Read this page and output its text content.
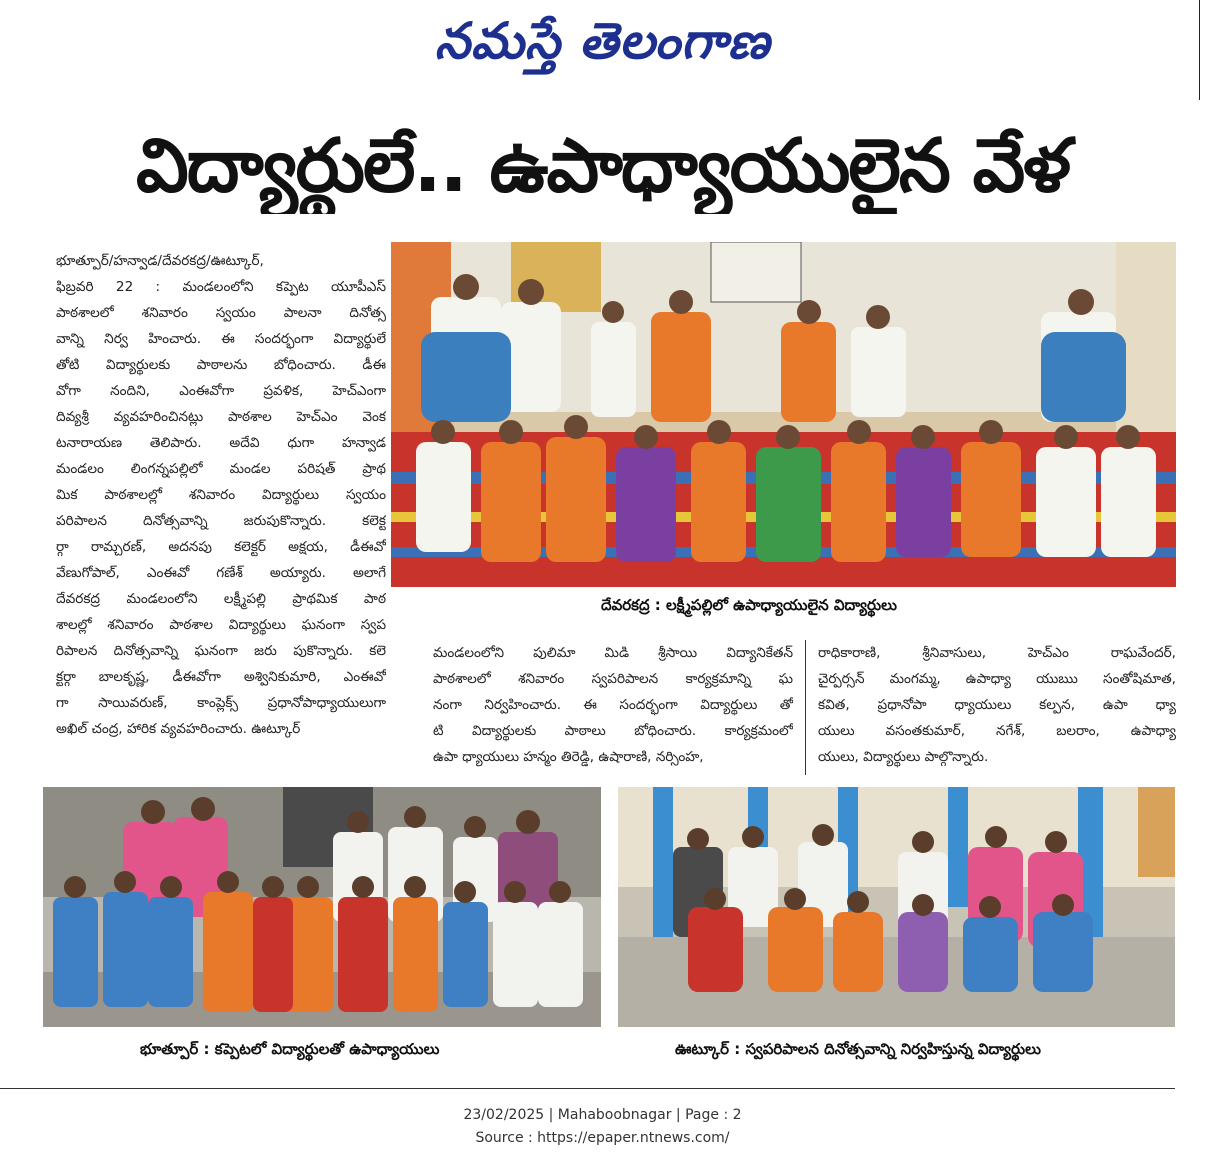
నమస్తే తెలంగాణ
విద్యార్థులే.. ఉపాధ్యాయులైన వేళ
భూత్పూర్/హన్వాడ/దేవరకద్ర/ఊట్కూర్,
ఫిబ్రవరి 22 : మండలంలోని కప్పెట యూపీఎస్
పాఠశాలలో శనివారం స్వయం పాలనా దినోత్స
వాన్ని నిర్వ హించారు. ఈ సందర్భంగా విద్యార్థులే
తోటి విద్యార్థులకు పాఠాలను బోధించారు. డీఈ
వోగా నందిని, ఎంఈవోగా ప్రవళిక, హెచ్ఎంగా
దివ్యశ్రీ వ్యవహరించినట్లు పాఠశాల హెచ్ఎం వెంక
టనారాయణ తెలిపారు. అదేవి ధుగా హన్వాడ
మండలం లింగన్నపల్లిలో మండల పరిషత్ ప్రాథ
మిక పాఠశాలల్లో శనివారం విద్యార్థులు స్వయం
పరిపాలన దినోత్సవాన్ని జరుపుకొన్నారు. కలెక్ట
ర్గా రామ్చరణ్, అదనపు కలెక్టర్ అక్షయ, డీఈవో
వేణుగోపాల్, ఎంఈవో గణేశ్ అయ్యారు. అలాగే
దేవరకద్ర మండలంలోని లక్ష్మీపల్లి ప్రాథమిక పాఠ
శాలల్లో శనివారం పాఠశాల విద్యార్థులు ఘనంగా స్వప
రిపాలన దినోత్సవాన్ని ఘనంగా జరు పుకొన్నారు. కలె
క్టర్గా బాలకృష్ణ, డీఈవోగా అశ్వినికుమారి, ఎంఈవో
గా సాయివరుణ్, కాంప్లెక్స్ ప్రధానోపాధ్యాయులుగా
అఖిల్ చంద్ర, హారిక వ్యవహరించారు. ఊట్కూర్
దేవరకద్ర : లక్ష్మీపల్లిలో ఉపాధ్యాయులైన విద్యార్థులు
మండలంలోని పులిమా మిడి శ్రీసాయి విద్యానికేతన్
పాఠశాలలో శనివారం స్వపరిపాలన కార్యక్రమాన్ని ఘ
నంగా నిర్వహించారు. ఈ సందర్భంగా విద్యార్థులు తో
టి విద్యార్థులకు పాఠాలు బోధించారు. కార్యక్రమంలో
ఉపా ధ్యాయులు హన్మం తిరెడ్డి, ఉషారాణి, నర్సింహ,
రాధికారాణి, శ్రీనివాసులు, హెచ్ఎం రాఘవేందర్,
చైర్పర్సన్ మంగమ్మ, ఉపాధ్యా యుఋ సంతోషిమాత,
కవిత, ప్రధానోపా ధ్యాయులు కల్పన, ఉపా ధ్యా
యులు వసంతకుమార్, నగేశ్, బలరాం, ఉపాధ్యా
యులు, విద్యార్థులు పాల్గొన్నారు.
భూత్పూర్ : కప్పెటలో విద్యార్థులతో ఉపాధ్యాయులు	ఊట్కూర్ : స్వపరిపాలన దినోత్సవాన్ని నిర్వహిస్తున్న విద్యార్థులు
23/02/2025 | Mahaboobnagar | Page : 2
Source : https://epaper.ntnews.com/
